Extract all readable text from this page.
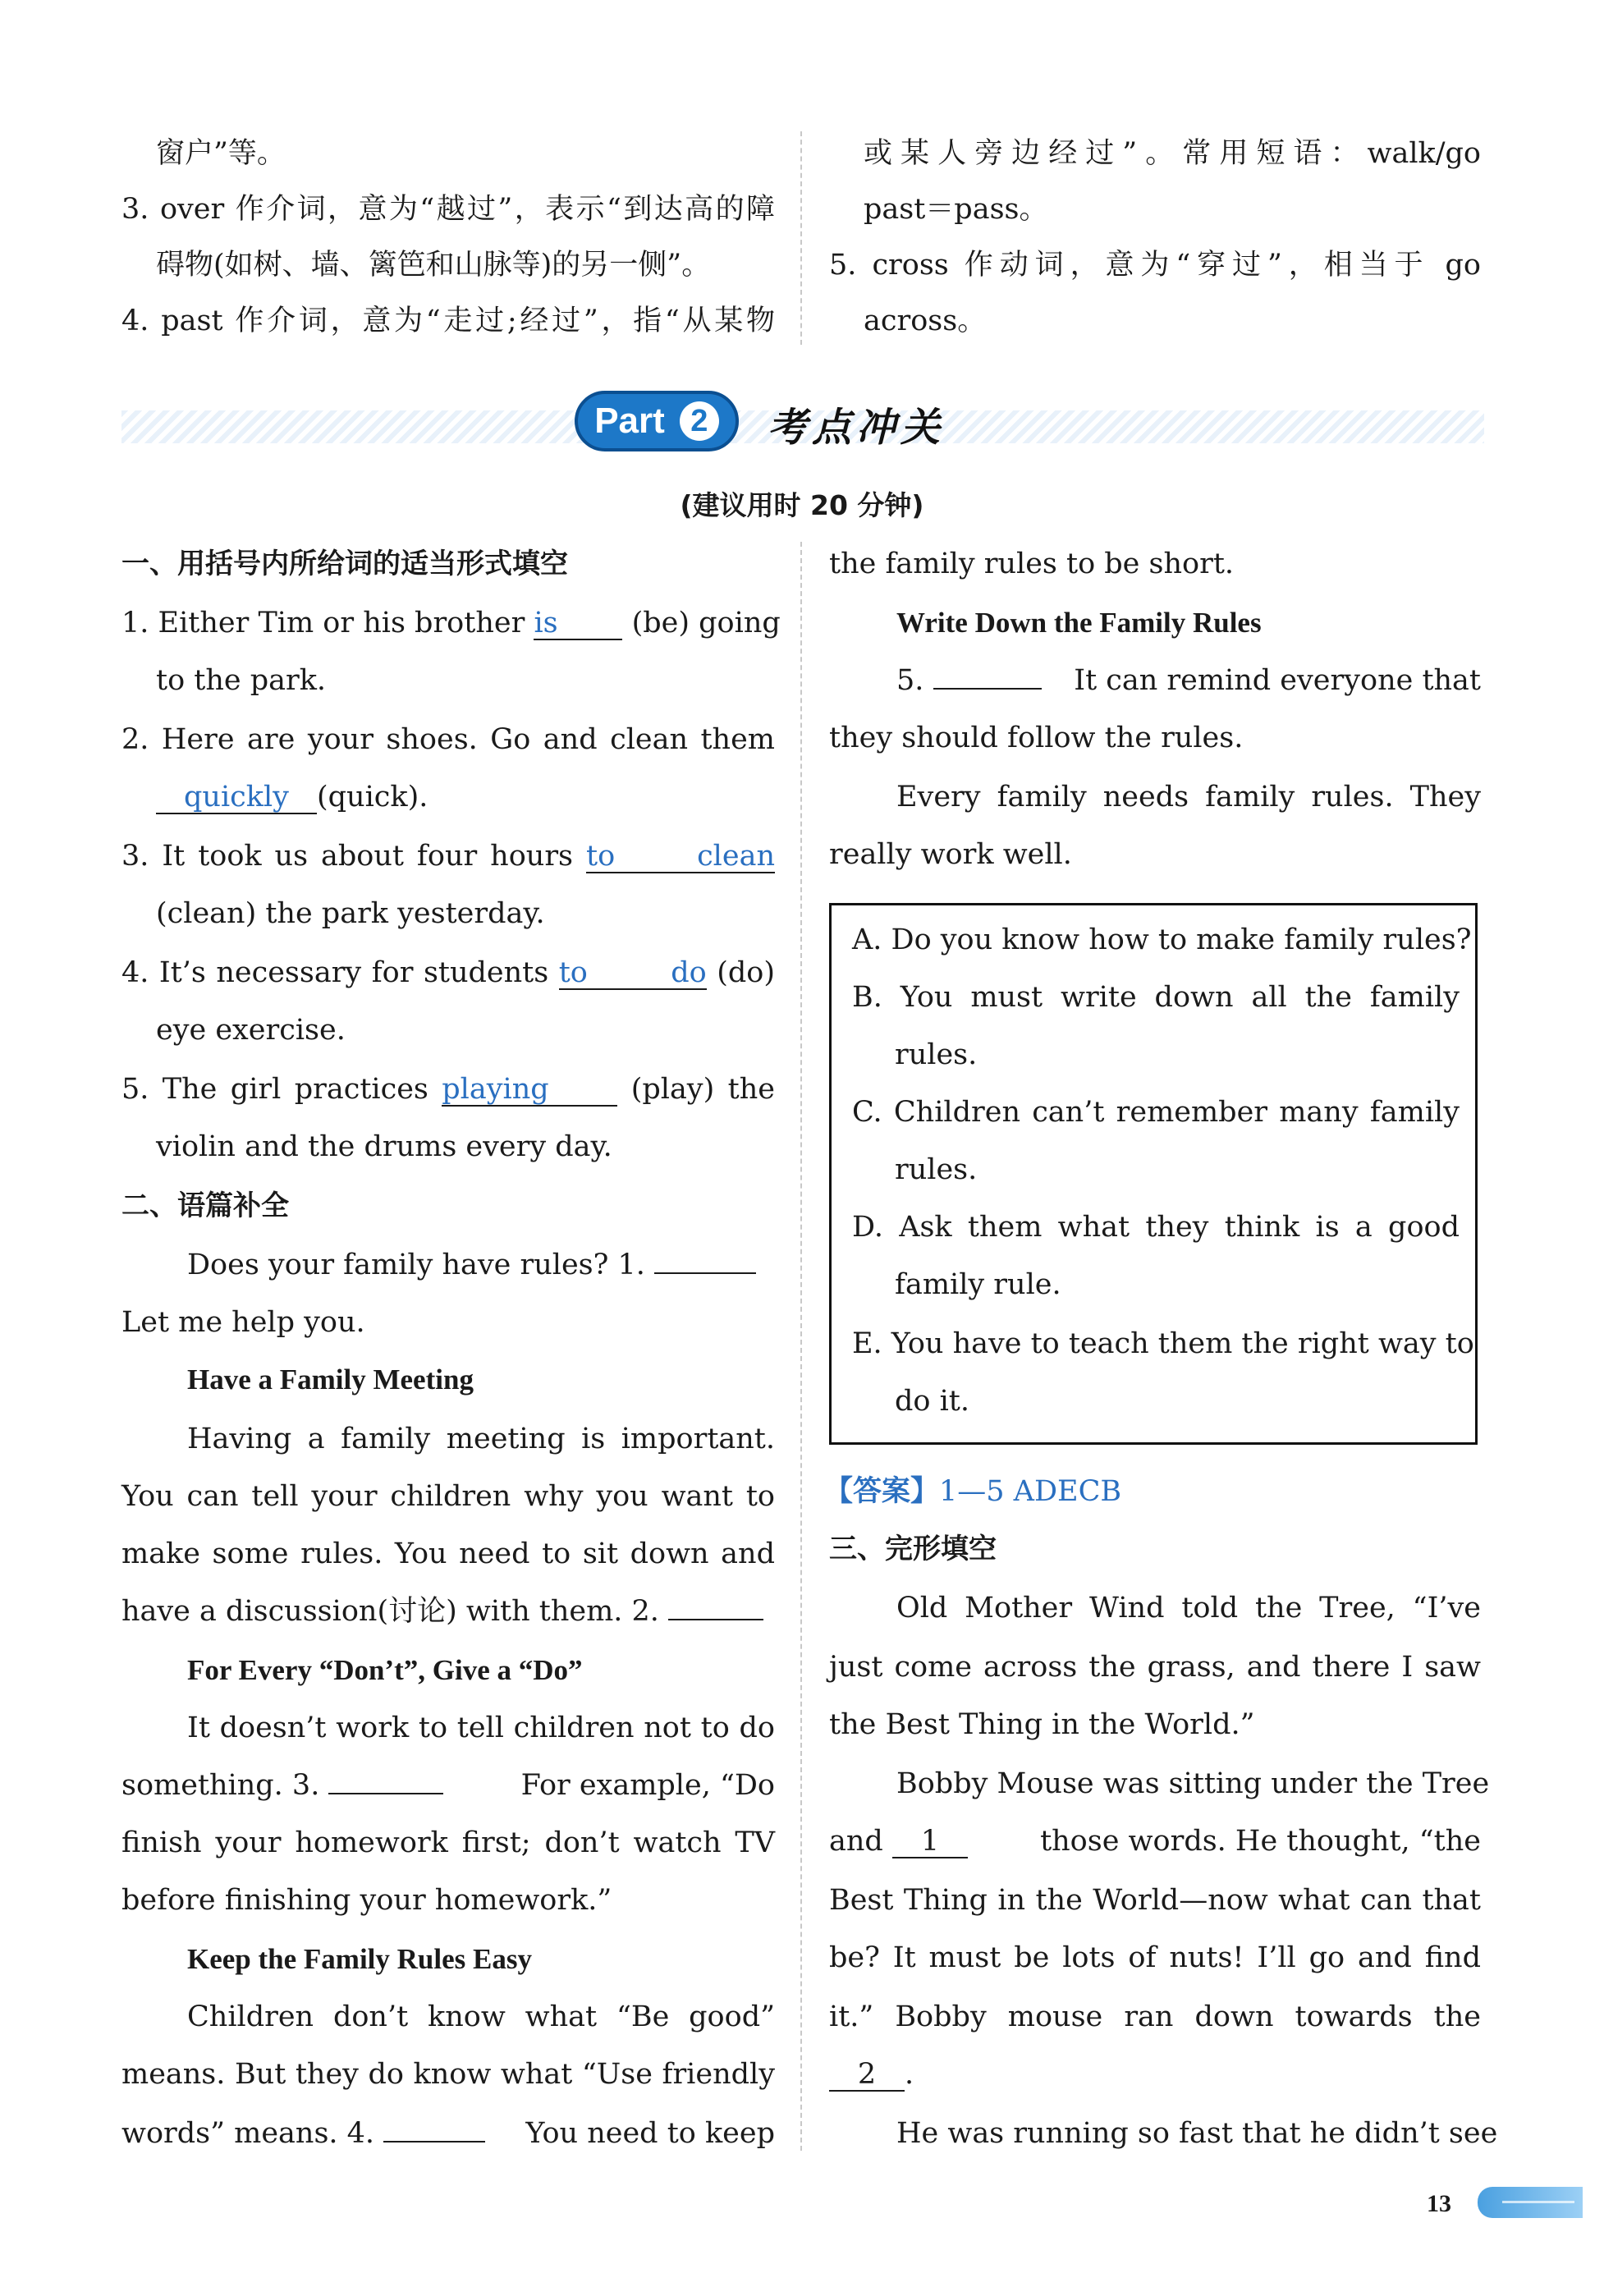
窗户”等。
3. over 作介词，意为“越过”，表示“到达高的障
碍物(如树、墙、篱笆和山脉等)的另一侧”。
4. past 作介词，意为“走过;经过”，指“从某物
或某人旁边经过”。常用短语：walk/go
past＝pass。
5. cross 作动词，意为“穿过”，相当于 go
across。
Part 2 考点冲关
(建议用时 20 分钟)
一、用括号内所给词的适当形式填空
1. Either Tim or his brother is	(be) going
to the park.
2. Here are your shoes. Go and clean them
quickly (quick).
3. It took us about four hours to clean
(clean) the park yesterday.
4. It’s necessary for students to do (do)
eye exercise.
5. The girl practices playing	(play) the
violin and the drums every day.
二、语篇补全
Does your family have rules? 1.
Let me help you.
Have a Family Meeting
Having a family meeting is important.
You can tell your children why you want to
make some rules. You need to sit down and
have a discussion(讨论) with them. 2.
For Every “Don’t”, Give a “Do”
It doesn’t work to tell children not to do
something. 3.	For example, “Do
finish your homework first; don’t watch TV
before finishing your homework.”
Keep the Family Rules Easy
Children don’t know what “Be good”
means. But they do know what “Use friendly
words” means. 4.	You need to keep
the family rules to be short.
Write Down the Family Rules
5.	It can remind everyone that
they should follow the rules.
Every family needs family rules. They
really work well.
A. Do you know how to make family rules?
B. You must write down all the family
rules.
C. Children can’t remember many family
rules.
D. Ask them what they think is a good
family rule.
E. You have to teach them the right way to
do it.
【答案】1—5 ADECB
三、完形填空
Old Mother Wind told the Tree, “I’ve
just come across the grass, and there I saw
the Best Thing in the World.”
Bobby Mouse was sitting under the Tree
and 1	those words. He thought, “the
Best Thing in the World—now what can that
be? It must be lots of nuts! I’ll go and find
it.” Bobby mouse ran down towards the
2 .
He was running so fast that he didn’t see
13
